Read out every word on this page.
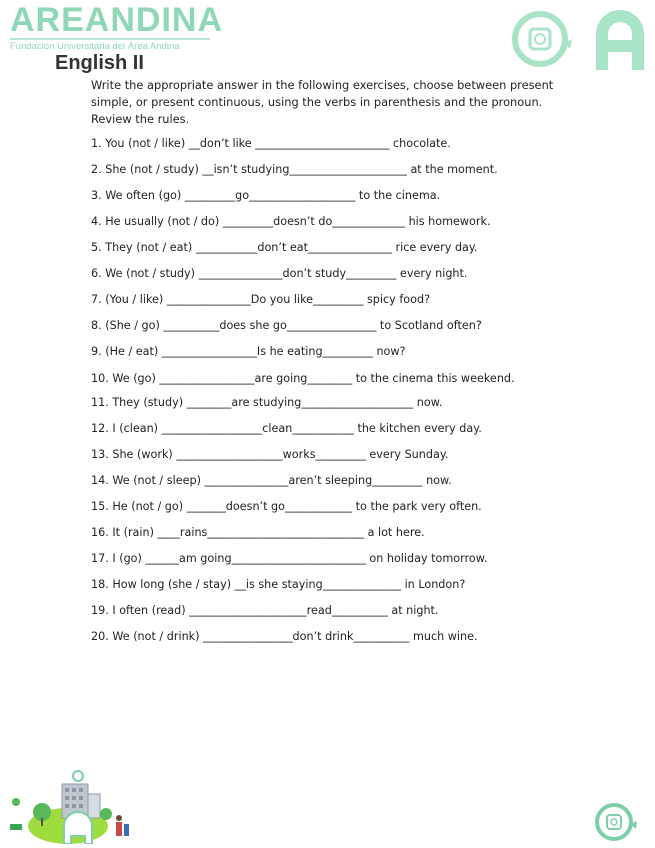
AREANDINA
Fundación Universitaria del Área Andina
English II
Write the appropriate answer in the following exercises, choose between present simple, or present continuous, using the verbs in parenthesis and the pronoun. Review the rules.

1. You (not / like) __don’t like ________________________ chocolate.

2. She (not / study) __isn’t studying_____________________ at the moment.

3. We often (go) _________go___________________ to the cinema.

4. He usually (not / do) _________doesn’t do_____________ his homework.

5. They (not / eat) ___________don’t eat_______________ rice every day.

6. We (not / study) _______________don’t study_________ every night.

7. (You / like) _______________Do you like_________ spicy food?

8. (She / go) __________does she go________________ to Scotland often?

9. (He / eat) _________________Is he eating_________ now?

10. We (go) _________________are going________ to the cinema this weekend.

11. They (study) ________are studying____________________ now.

12. I (clean) __________________clean___________ the kitchen every day.

13. She (work) ___________________works_________ every Sunday.

14. We (not / sleep) _______________aren’t sleeping_________ now.

15. He (not / go) _______doesn’t go____________ to the park very often.

16. It (rain) ____rains____________________________ a lot here.

17. I (go) ______am going________________________ on holiday tomorrow.

18. How long (she / stay) __is she staying______________ in London?

19. I often (read) _____________________read__________ at night.

20. We (not / drink) ________________don’t drink__________ much wine.
